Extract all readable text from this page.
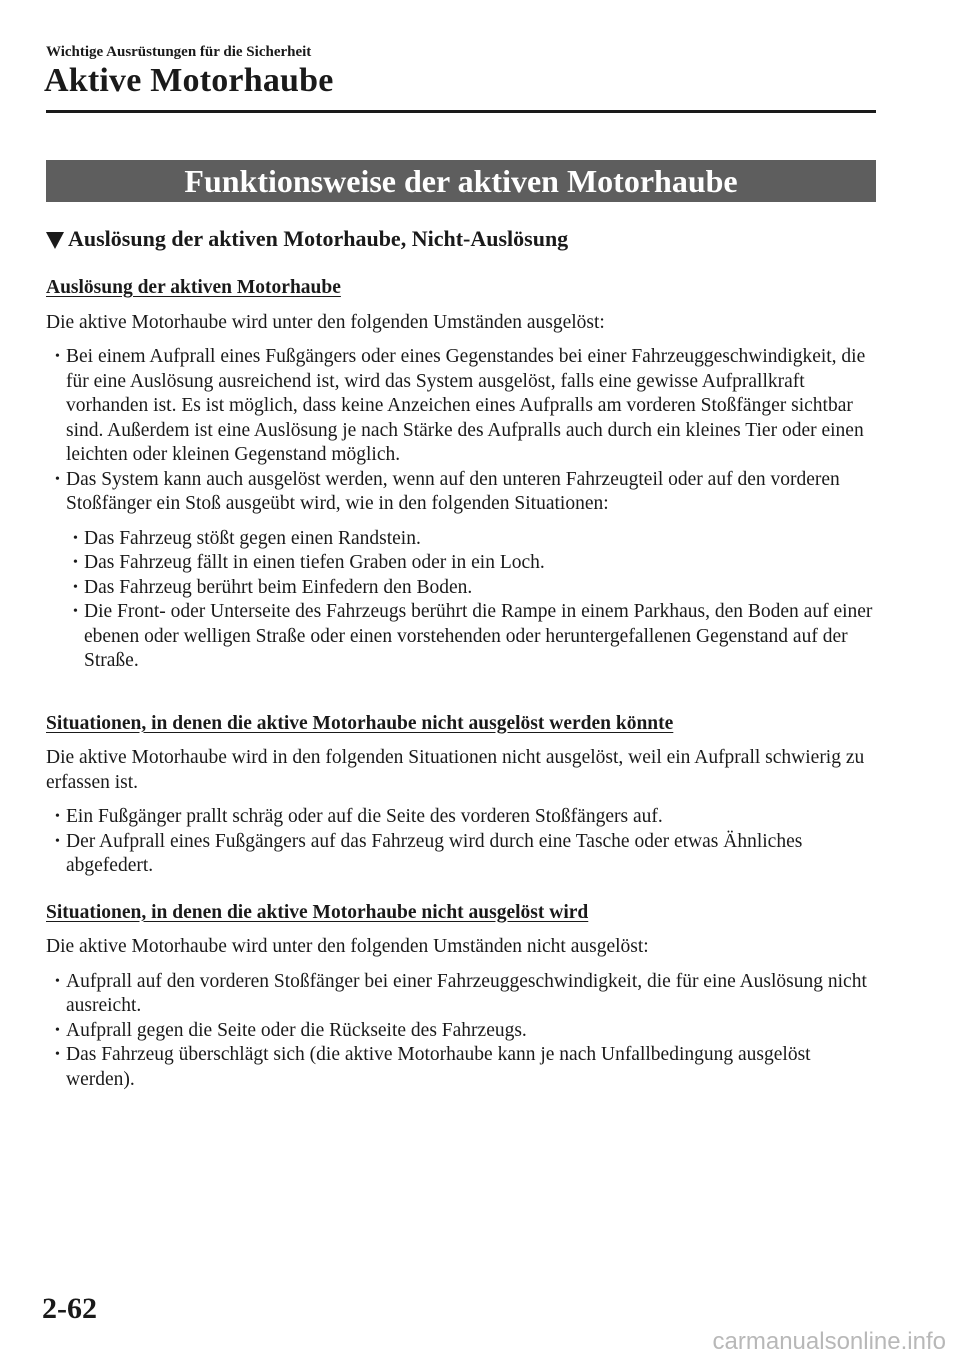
Wichtige Ausrüstungen für die Sicherheit
Aktive Motorhaube
Funktionsweise der aktiven Motorhaube
Auslösung der aktiven Motorhaube, Nicht-Auslösung

Auslösung der aktiven Motorhaube

Die aktive Motorhaube wird unter den folgenden Umständen ausgelöst:

• Bei einem Aufprall eines Fußgängers oder eines Gegenstandes bei einer Fahrzeuggeschwindigkeit, die für eine Auslösung ausreichend ist, wird das System ausgelöst, falls eine gewisse Aufprallkraft vorhanden ist. Es ist möglich, dass keine Anzeichen eines Aufpralls am vorderen Stoßfänger sichtbar sind. Außerdem ist eine Auslösung je nach Stärke des Aufpralls auch durch ein kleines Tier oder einen leichten oder kleinen Gegenstand möglich.
• Das System kann auch ausgelöst werden, wenn auf den unteren Fahrzeugteil oder auf den vorderen Stoßfänger ein Stoß ausgeübt wird, wie in den folgenden Situationen:
• Das Fahrzeug stößt gegen einen Randstein.
• Das Fahrzeug fällt in einen tiefen Graben oder in ein Loch.
• Das Fahrzeug berührt beim Einfedern den Boden.
• Die Front- oder Unterseite des Fahrzeugs berührt die Rampe in einem Parkhaus, den Boden auf einer ebenen oder welligen Straße oder einen vorstehenden oder heruntergefallenen Gegenstand auf der Straße.

Situationen, in denen die aktive Motorhaube nicht ausgelöst werden könnte

Die aktive Motorhaube wird in den folgenden Situationen nicht ausgelöst, weil ein Aufprall schwierig zu erfassen ist.

• Ein Fußgänger prallt schräg oder auf die Seite des vorderen Stoßfängers auf.
• Der Aufprall eines Fußgängers auf das Fahrzeug wird durch eine Tasche oder etwas Ähnliches abgefedert.

Situationen, in denen die aktive Motorhaube nicht ausgelöst wird

Die aktive Motorhaube wird unter den folgenden Umständen nicht ausgelöst:

• Aufprall auf den vorderen Stoßfänger bei einer Fahrzeuggeschwindigkeit, die für eine Auslösung nicht ausreicht.
• Aufprall gegen die Seite oder die Rückseite des Fahrzeugs.
• Das Fahrzeug überschlägt sich (die aktive Motorhaube kann je nach Unfallbedingung ausgelöst werden).
2-62
carmanualsonline.info
